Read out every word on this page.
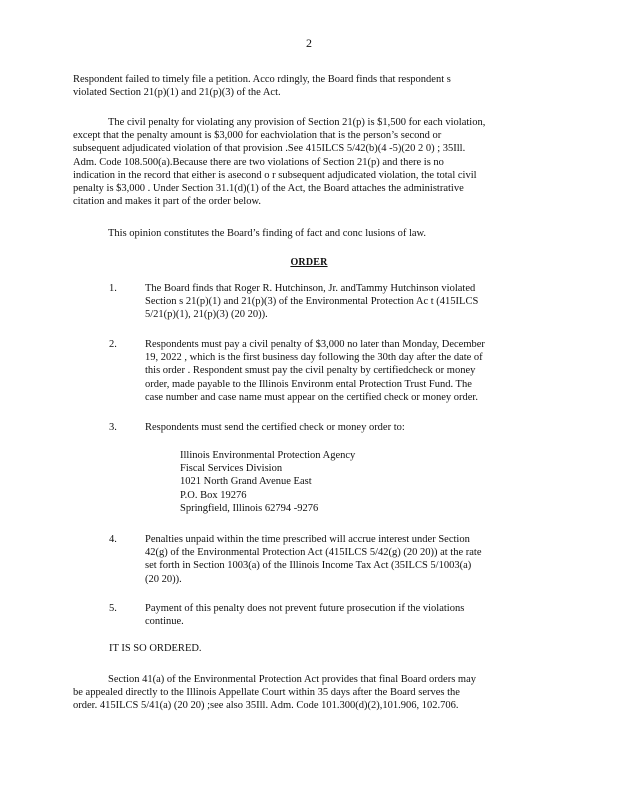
2
Respondent failed to timely file a petition. Acco rdingly, the Board finds that respondent s
violated Section 21(p)(1) and 21(p)(3) of the Act.
The civil penalty for violating any provision of Section 21(p) is $1,500 for each violation,
except that the penalty amount is $3,000 for eachviolation that is the person’s second or
subsequent adjudicated violation of that provision .See 415ILCS 5/42(b)(4 -5)(20 2 0) ; 35Ill.
Adm. Code 108.500(a).Because there are two violations of Section 21(p) and there is no
indication in the record that either is asecond o r subsequent adjudicated violation, the total civil
penalty is $3,000 . Under Section 31.1(d)(1) of the Act, the Board attaches the administrative
citation and makes it part of the order below.
This opinion constitutes the Board’s finding of fact and conc lusions of law.
ORDER
1.	The Board finds that Roger R. Hutchinson, Jr. andTammy Hutchinson violated
Section s 21(p)(1) and 21(p)(3) of the Environmental Protection Ac t (415ILCS
5/21(p)(1), 21(p)(3) (20 20)).
2.	Respondents must pay a civil penalty of $3,000 no later than Monday, December
19, 2022 , which is the first business day following the 30th day after the date of
this order . Respondent smust pay the civil penalty by certifiedcheck or money
order, made payable to the Illinois Environm ental Protection Trust Fund. The
case number and case name must appear on the certified check or money order.
3.	Respondents must send the certified check or money order to:
Illinois Environmental Protection Agency
Fiscal Services Division
1021 North Grand Avenue East
P.O. Box 19276
Springfield, Illinois 62794 -9276
4.	Penalties unpaid within the time prescribed will accrue interest under Section
42(g) of the Environmental Protection Act (415ILCS 5/42(g) (20 20)) at the rate
set forth in Section 1003(a) of the Illinois Income Tax Act (35ILCS 5/1003(a)
(20 20)).
5.	Payment of this penalty does not prevent future prosecution if the violations
continue.
IT IS SO ORDERED.
Section 41(a) of the Environmental Protection Act provides that final Board orders may
be appealed directly to the Illinois Appellate Court within 35 days after the Board serves the
order. 415ILCS 5/41(a) (20 20) ;see also 35Ill. Adm. Code 101.300(d)(2),101.906, 102.706.
